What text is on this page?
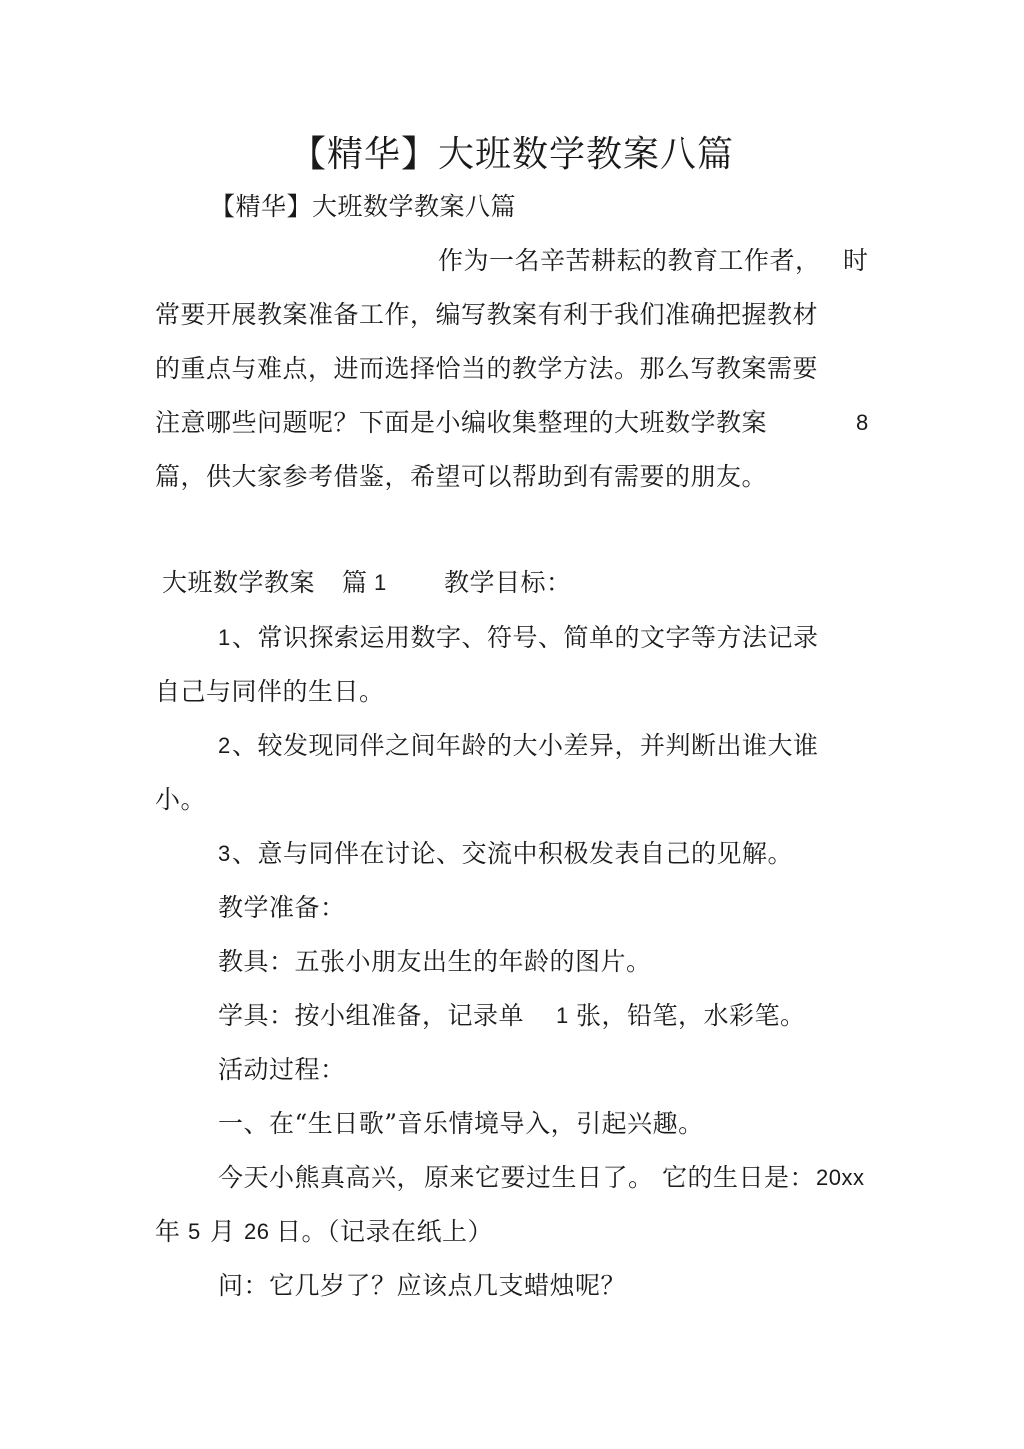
【精华】大班数学教案八篇
【精华】大班数学教案八篇
作为一名辛苦耕耘的教育工作者， 时
常要开展教案准备工作，编写教案有利于我们准确把握教材
的重点与难点，进而选择恰当的教学方法。那么写教案需要
注意哪些问题呢？下面是小编收集整理的大班数学教案	8
篇，供大家参考借鉴，希望可以帮助到有需要的朋友。
大班数学教案 篇 1 教学目标：
1 、常识探索运用数字、符号、简单的文字等方法记录
自己与同伴的生日。
2 、较发现同伴之间年龄的大小差异，并判断出谁大谁
小。
3 、意与同伴在讨论、交流中积极发表自己的见解。
教学准备：
教具：五张小朋友出生的年龄的图片。
学具：按小组准备，记录单 1 张，铅笔，水彩笔。
活动过程：
一、在“生日歌”音乐情境导入，引起兴趣。
今天小熊真高兴， 原来它要过生日了。 它的生日是： 20xx
年 5 月 26 日。（记录在纸上）
问：它几岁了？应该点几支蜡烛呢？
